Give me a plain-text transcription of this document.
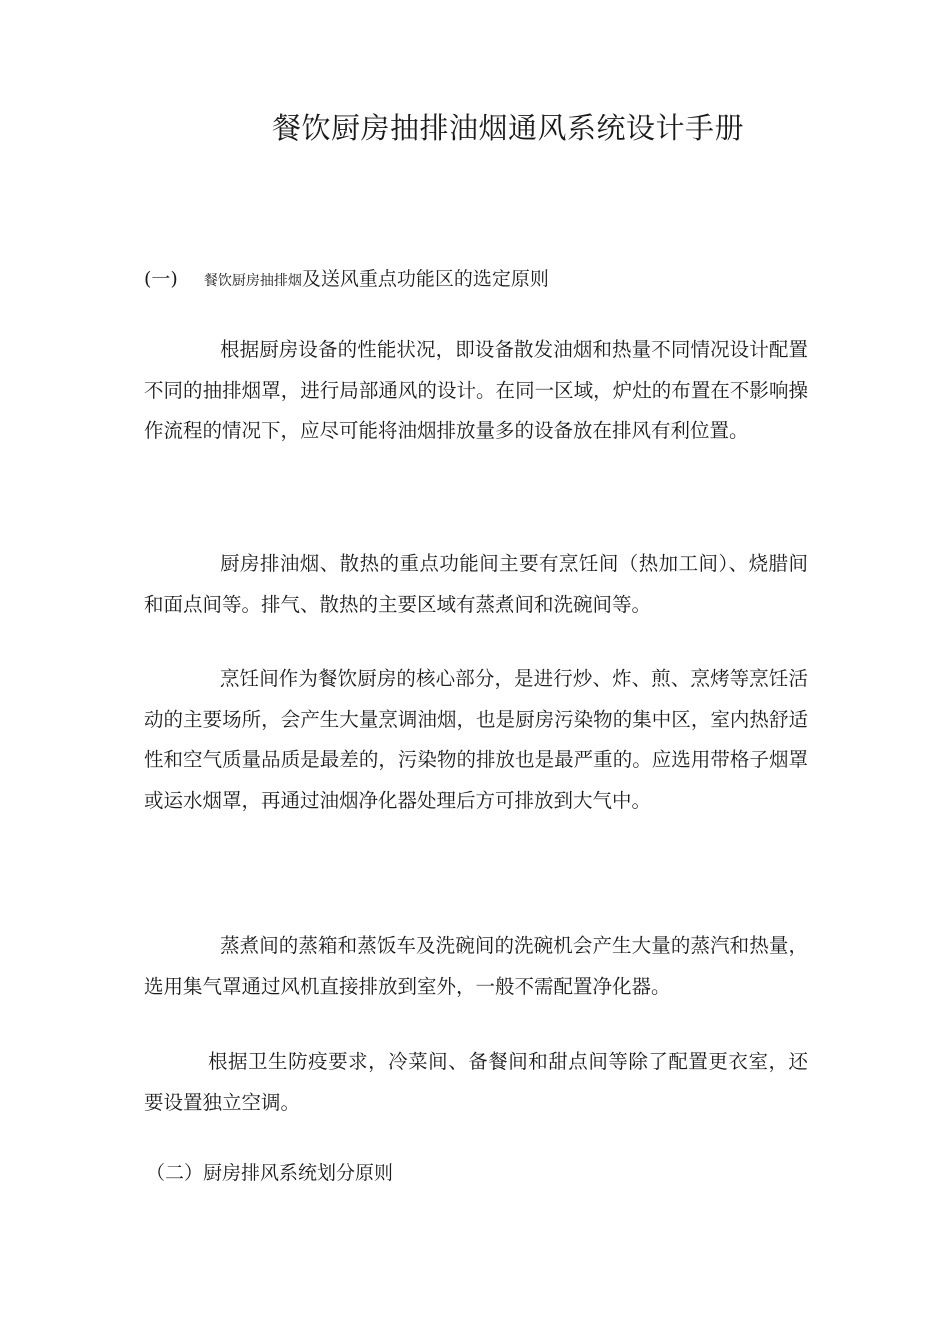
餐饮厨房抽排油烟通风系统设计手册
(一) 餐饮厨房抽排烟及送风重点功能区的选定原则

根据厨房设备的性能状况，即设备散发油烟和热量不同情况设计配置不同的抽排烟罩，进行局部通风的设计。在同一区域，炉灶的布置在不影响操作流程的情况下，应尽可能将油烟排放量多的设备放在排风有利位置。

厨房排油烟、散热的重点功能间主要有烹饪间（热加工间）、烧腊间和面点间等。排气、散热的主要区域有蒸煮间和洗碗间等。

烹饪间作为餐饮厨房的核心部分，是进行炒、炸、煎、烹烤等烹饪活动的主要场所，会产生大量烹调油烟，也是厨房污染物的集中区，室内热舒适性和空气质量品质是最差的，污染物的排放也是最严重的。应选用带格子烟罩或运水烟罩，再通过油烟净化器处理后方可排放到大气中。

蒸煮间的蒸箱和蒸饭车及洗碗间的洗碗机会产生大量的蒸汽和热量，选用集气罩通过风机直接排放到室外，一般不需配置净化器。

根据卫生防疫要求，冷菜间、备餐间和甜点间等除了配置更衣室，还要设置独立空调。

（二）厨房排风系统划分原则
